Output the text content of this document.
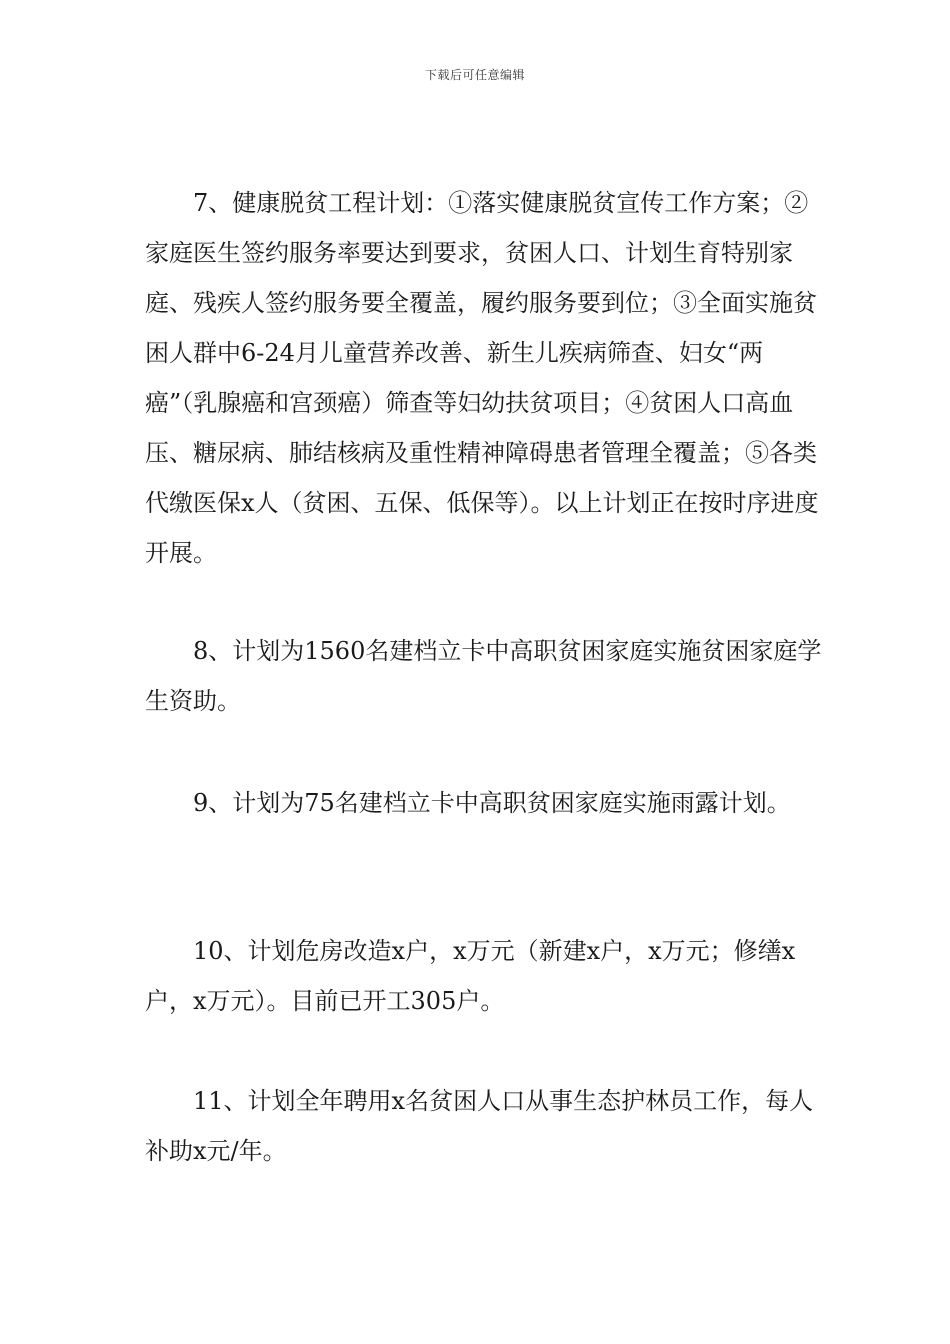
下载后可任意编辑

7、健康脱贫工程计划：①落实健康脱贫宣传工作方案；②家庭医生签约服务率要达到要求，贫困人口、计划生育特别家庭、残疾人签约服务要全覆盖，履约服务要到位；③全面实施贫困人群中6-24月儿童营养改善、新生儿疾病筛查、妇女“两癌”（乳腺癌和宫颈癌）筛查等妇幼扶贫项目；④贫困人口高血压、糖尿病、肺结核病及重性精神障碍患者管理全覆盖；⑤各类代缴医保x人（贫困、五保、低保等）。以上计划正在按时序进度开展。

8、计划为1560名建档立卡中高职贫困家庭实施贫困家庭学生资助。

9、计划为75名建档立卡中高职贫困家庭实施雨露计划。

10、计划危房改造x户，x万元（新建x户，x万元；修缮x户，x万元）。目前已开工305户。

11、计划全年聘用x名贫困人口从事生态护林员工作，每人补助x元/年。
